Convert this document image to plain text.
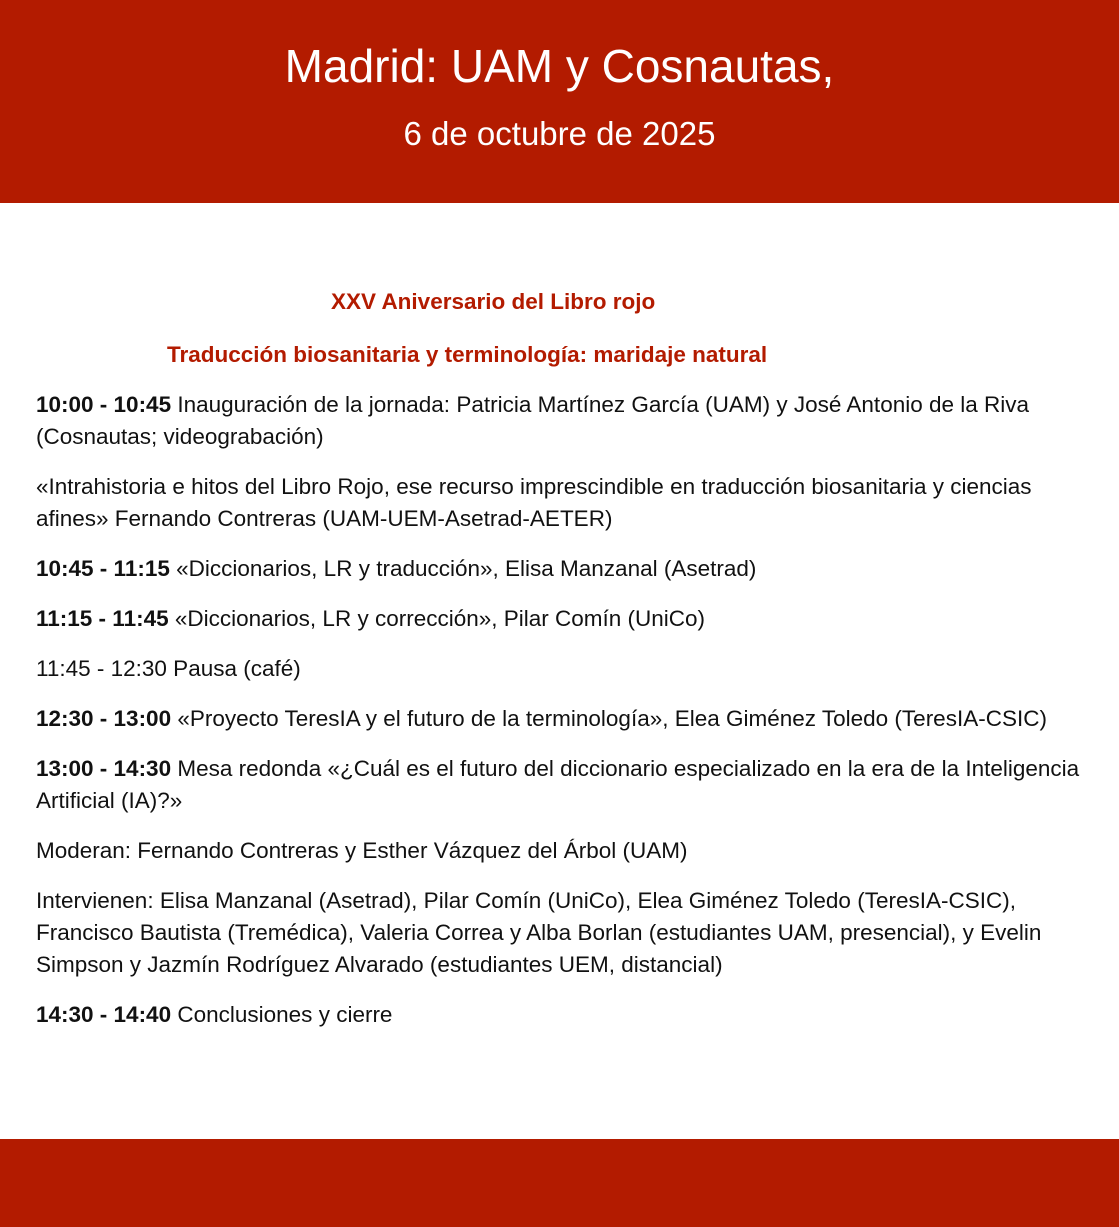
Madrid: UAM y Cosnautas,
6 de octubre de 2025
XXV Aniversario del Libro rojo
Traducción biosanitaria y terminología: maridaje natural

10:00 - 10:45 Inauguración de la jornada: Patricia Martínez García (UAM) y José Antonio de la Riva (Cosnautas; videograbación)

«Intrahistoria e hitos del Libro Rojo, ese recurso imprescindible en traducción biosanitaria y ciencias afines» Fernando Contreras (UAM-UEM-Asetrad-AETER)

10:45 - 11:15 «Diccionarios, LR y traducción», Elisa Manzanal (Asetrad)

11:15 - 11:45 «Diccionarios, LR y corrección», Pilar Comín (UniCo)

11:45 - 12:30 Pausa (café)

12:30 - 13:00 «Proyecto TeresIA y el futuro de la terminología», Elea Giménez Toledo (TeresIA-CSIC)

13:00 - 14:30 Mesa redonda «¿Cuál es el futuro del diccionario especializado en la era de la Inteligencia Artificial (IA)?»

Moderan: Fernando Contreras y Esther Vázquez del Árbol (UAM)

Intervienen: Elisa Manzanal (Asetrad), Pilar Comín (UniCo), Elea Giménez Toledo (TeresIA-CSIC), Francisco Bautista (Tremédica), Valeria Correa y Alba Borlan (estudiantes UAM, presencial), y Evelin Simpson y Jazmín Rodríguez Alvarado (estudiantes UEM, distancial)

14:30 - 14:40 Conclusiones y cierre
